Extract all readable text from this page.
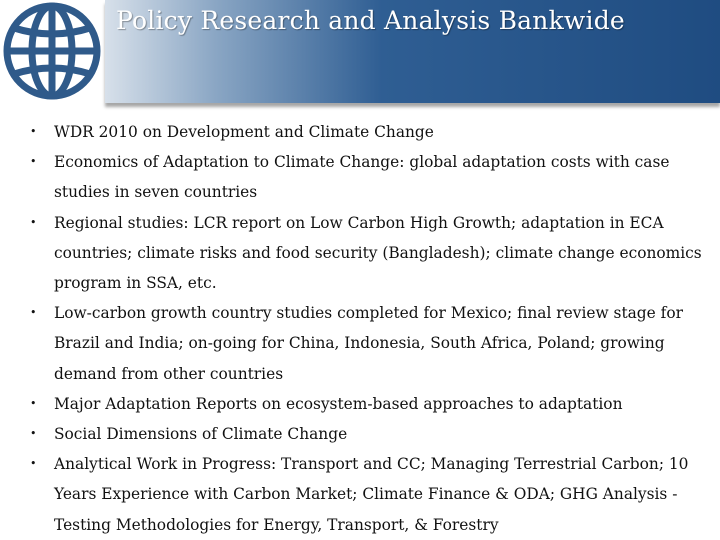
Policy Research and Analysis Bankwide
• WDR 2010 on Development and Climate Change
• Economics of Adaptation to Climate Change: global adaptation costs with case studies in seven countries
• Regional studies: LCR report on Low Carbon High Growth; adaptation in ECA countries; climate risks and food security (Bangladesh); climate change economics program in SSA, etc.
• Low-carbon growth country studies completed for Mexico; final review stage for Brazil and India; on-going for China, Indonesia, South Africa, Poland; growing demand from other countries
• Major Adaptation Reports on ecosystem-based approaches to adaptation
• Social Dimensions of Climate Change
• Analytical Work in Progress: Transport and CC; Managing Terrestrial Carbon; 10 Years Experience with Carbon Market; Climate Finance & ODA; GHG Analysis - Testing Methodologies for Energy, Transport, & Forestry
